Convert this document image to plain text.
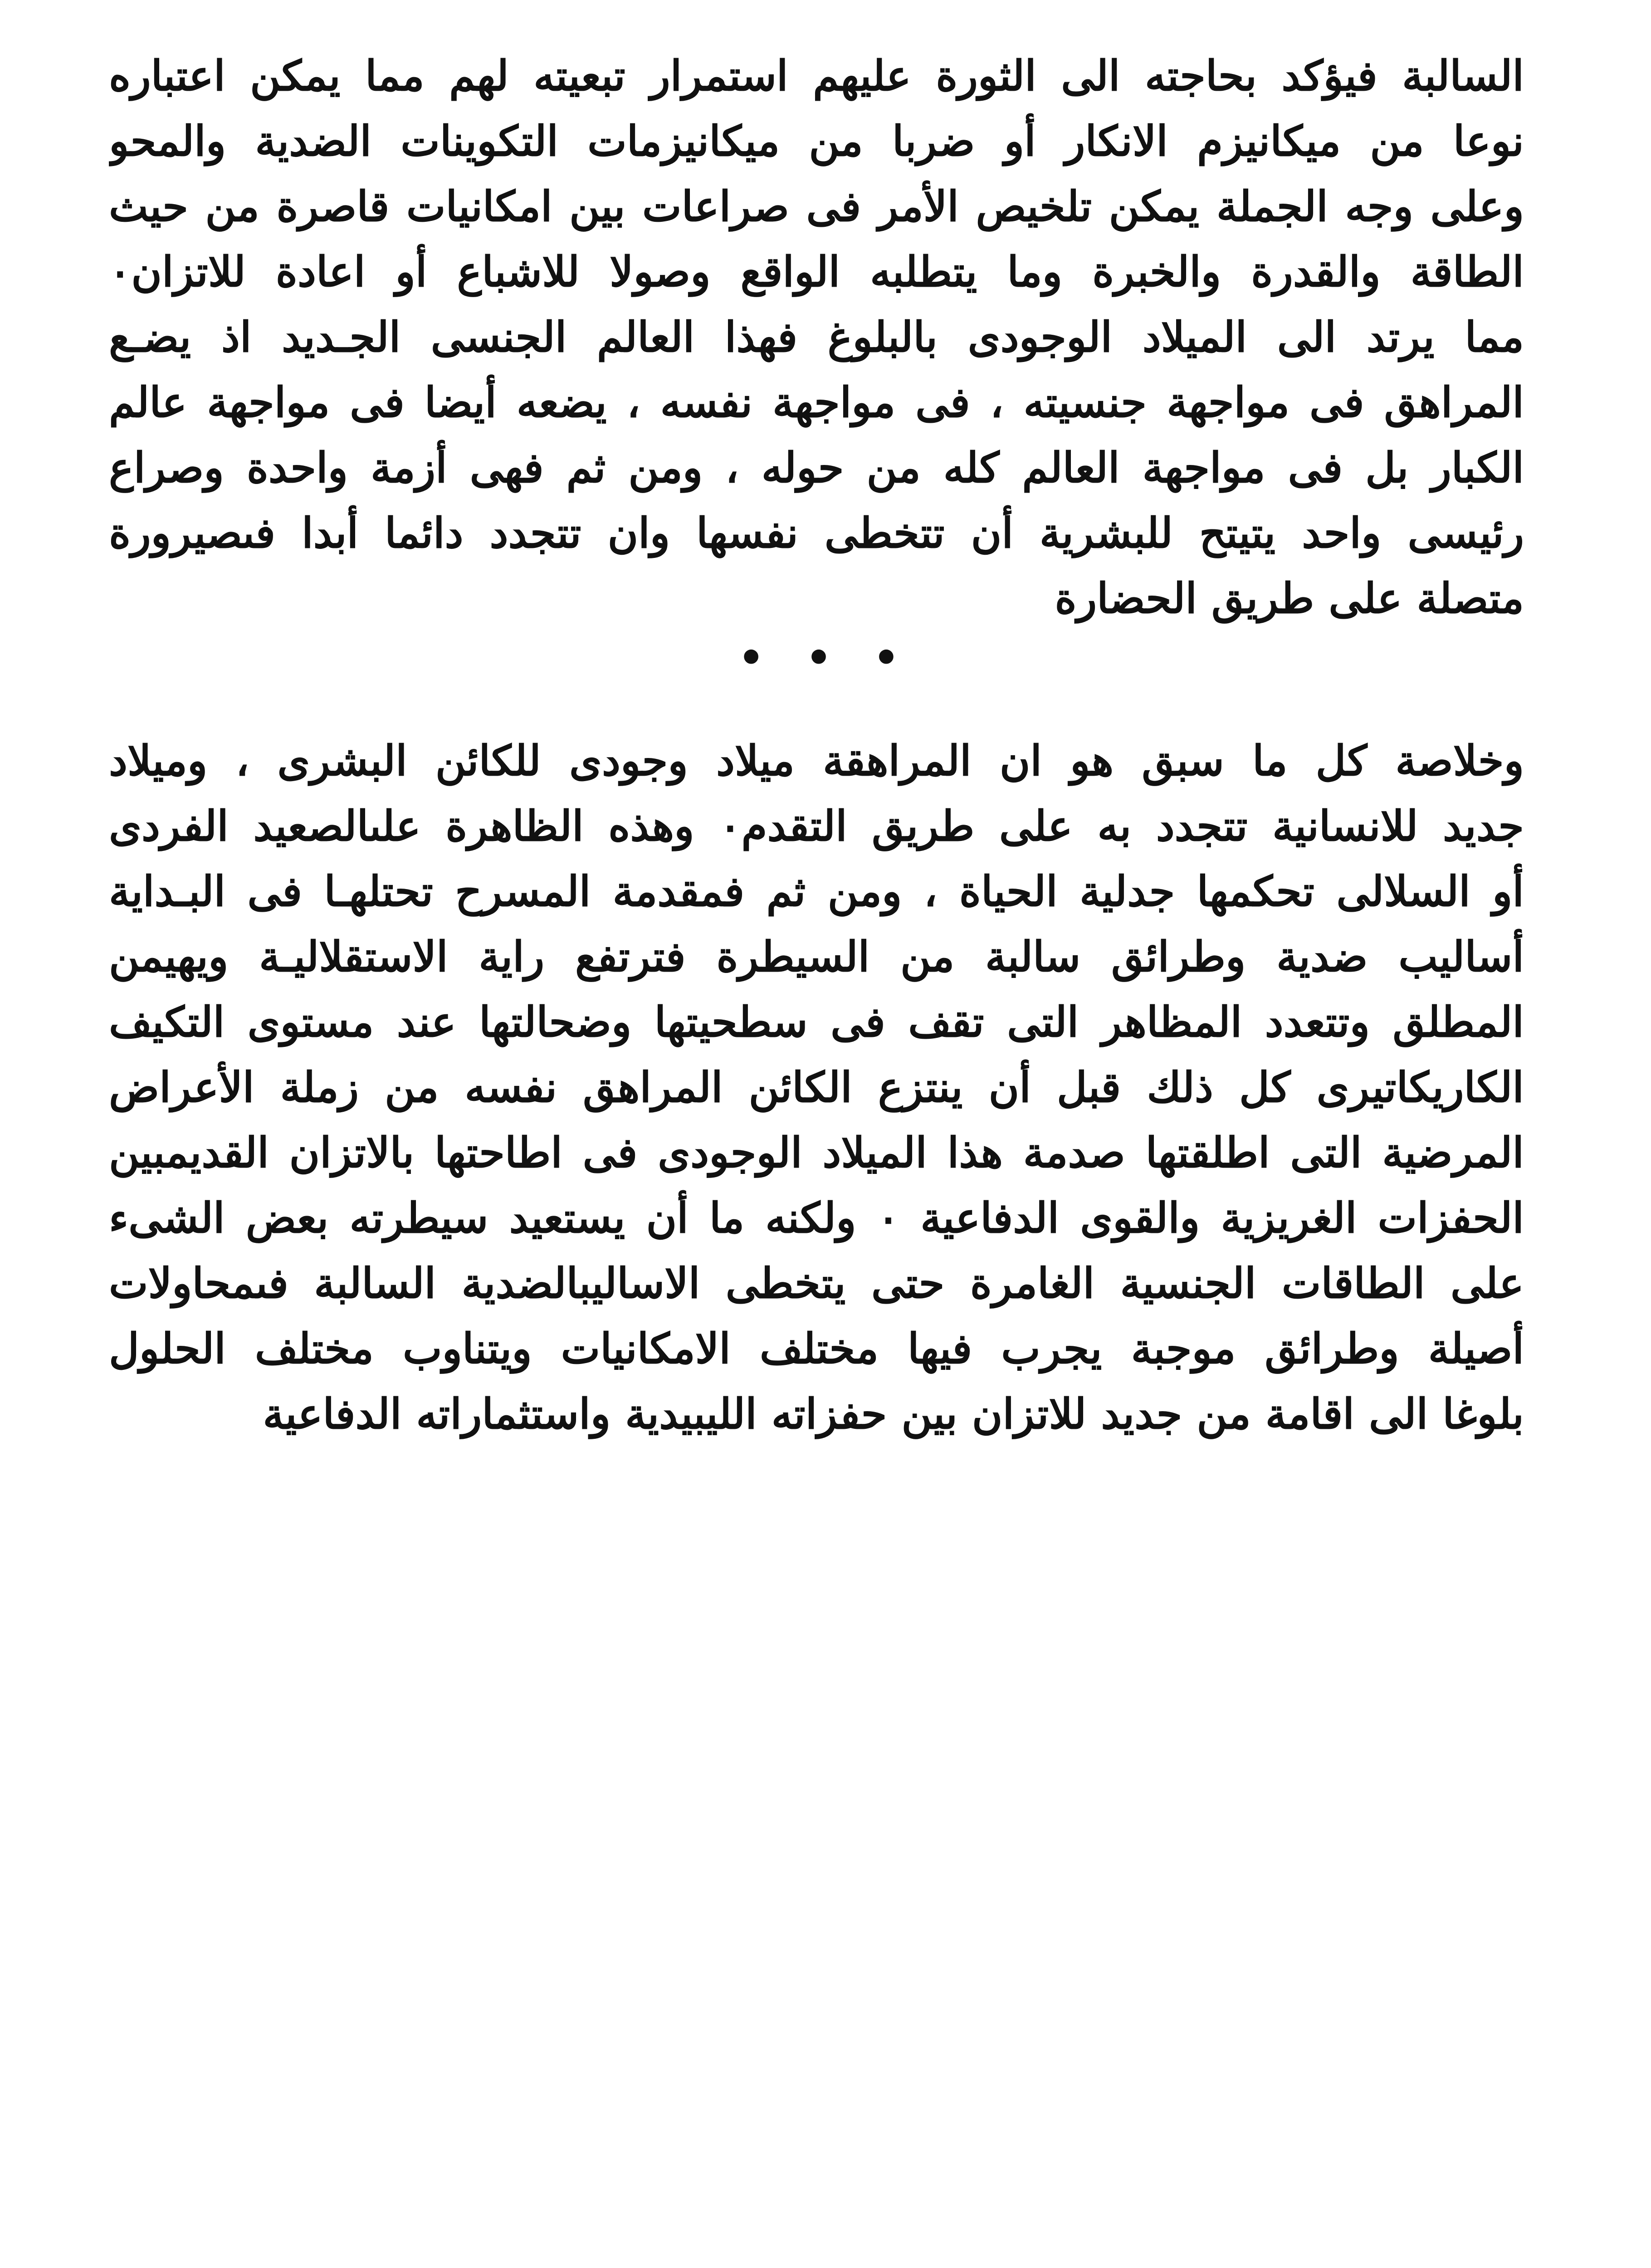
السالبة فيؤكد بحاجته الى الثورة عليهم استمرار تبعيته لهم مما يمكن اعتباره
نوعا من ميكانيزم الانكار أو ضربا من ميكانيزمات التكوينات الضدية والمحو
وعلى وجه الجملة يمكن تلخيص الأمر فى صراعات بين امكانيات قاصرة من حيث
الطاقة والقدرة والخبرة وما يتطلبه الواقع وصولا للاشباع أو اعادة للاتزان٠
مما يرتد الى الميلاد الوجودى بالبلوغ فهذا العالم الجنسى الجـديد اذ يضـع
المراهق فى مواجهة جنسيته ، فى مواجهة نفسه ، يضعه أيضا فى مواجهة عالم
الكبار بل فى مواجهة العالم كله من حوله ، ومن ثم فهى أزمة واحدة وصراع
رئيسى واحد يتيتح للبشرية أن تتخطى نفسها وان تتجدد دائما أبدا فىصيرورة
متصلة على طريق الحضارة
• • •
وخلاصة كل ما سبق هو ان المراهقة ميلاد وجودى للكائن البشرى ، وميلاد
جديد للانسانية تتجدد به على طريق التقدم٠ وهذه الظاهرة علىالصعيد الفردى
أو السلالى تحكمها جدلية الحياة ، ومن ثم فمقدمة المسرح تحتلهـا فى البـداية
أساليب ضدية وطرائق سالبة من السيطرة فترتفع راية الاستقلاليـة ويهيمن
المطلق وتتعدد المظاهر التى تقف فى سطحيتها وضحالتها عند مستوى التكيف
الكاريكاتيرى كل ذلك قبل أن ينتزع الكائن المراهق نفسه من زملة الأعراض
المرضية التى اطلقتها صدمة هذا الميلاد الوجودى فى اطاحتها بالاتزان القديمبين
الحفزات الغريزية والقوى الدفاعية ٠ ولكنه ما أن يستعيد سيطرته بعض الشىء
على الطاقات الجنسية الغامرة حتى يتخطى الاساليبالضدية السالبة فىمحاولات
أصيلة وطرائق موجبة يجرب فيها مختلف الامكانيات ويتناوب مختلف الحلول
بلوغا الى اقامة من جديد للاتزان بين حفزاته الليبيدية واستثماراته الدفاعية
